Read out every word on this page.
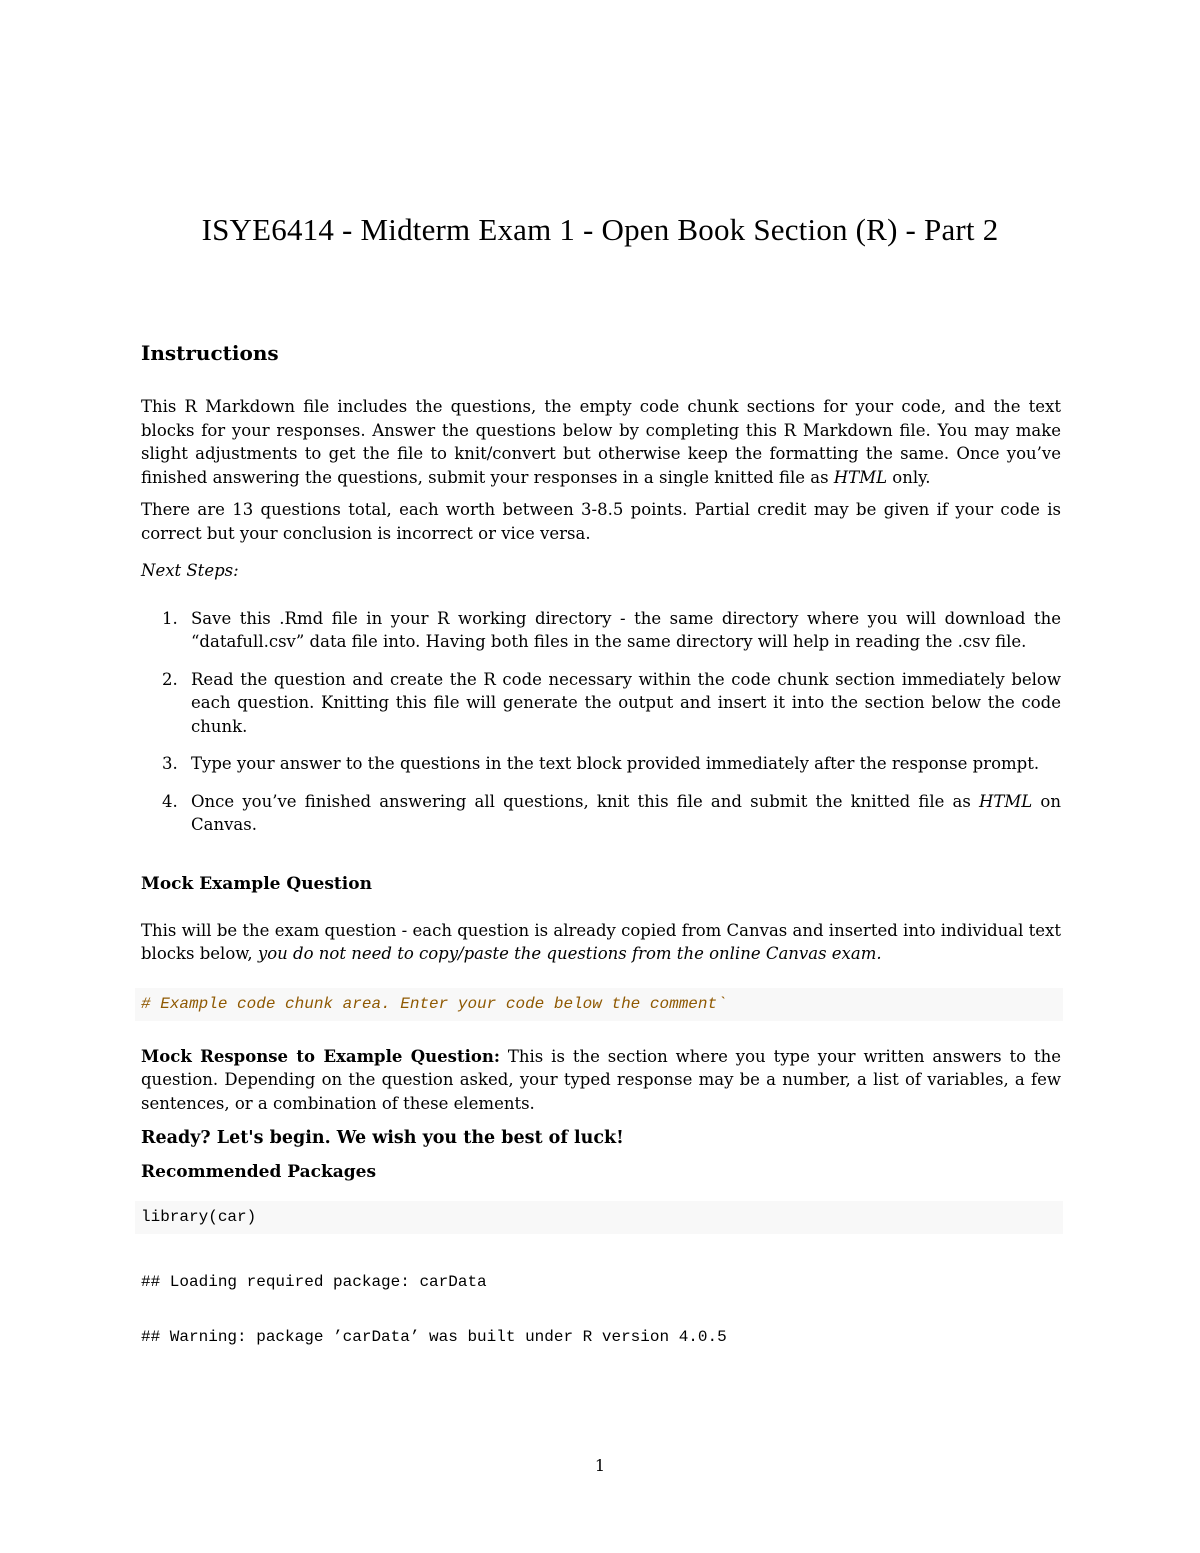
ISYE6414 - Midterm Exam 1 - Open Book Section (R) - Part 2
Instructions

This R Markdown file includes the questions, the empty code chunk sections for your code, and the text blocks for your responses. Answer the questions below by completing this R Markdown file. You may make slight adjustments to get the file to knit/convert but otherwise keep the formatting the same. Once you’ve finished answering the questions, submit your responses in a single knitted file as HTML only.

There are 13 questions total, each worth between 3-8.5 points. Partial credit may be given if your code is correct but your conclusion is incorrect or vice versa.

Next Steps:

1. Save this .Rmd file in your R working directory - the same directory where you will download the “datafull.csv” data file into. Having both files in the same directory will help in reading the .csv file.
2. Read the question and create the R code necessary within the code chunk section immediately below each question. Knitting this file will generate the output and insert it into the section below the code chunk.
3. Type your answer to the questions in the text block provided immediately after the response prompt.
4. Once you’ve finished answering all questions, knit this file and submit the knitted file as HTML on Canvas.
Mock Example Question

This will be the exam question - each question is already copied from Canvas and inserted into individual text blocks below, you do not need to copy/paste the questions from the online Canvas exam.

# Example code chunk area. Enter your code below the comment`

Mock Response to Example Question: This is the section where you type your written answers to the question. Depending on the question asked, your typed response may be a number, a list of variables, a few sentences, or a combination of these elements.

Ready? Let's begin. We wish you the best of luck!
Recommended Packages
library(car)
## Loading required package: carData
## Warning: package ’carData’ was built under R version 4.0.5
1
